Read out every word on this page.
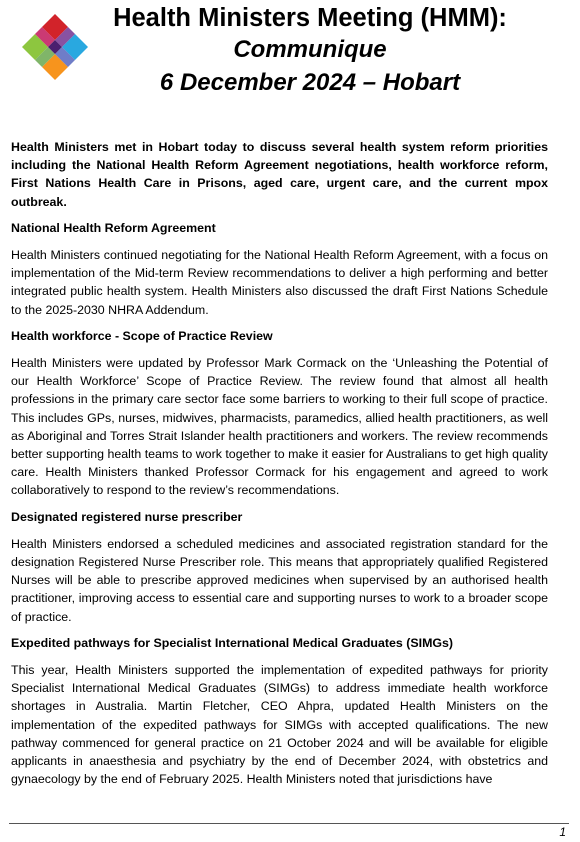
Health Ministers Meeting (HMM):
Communique
6 December 2024 – Hobart

Health Ministers met in Hobart today to discuss several health system reform priorities including the National Health Reform Agreement negotiations, health workforce reform, First Nations Health Care in Prisons, aged care, urgent care, and the current mpox outbreak.

National Health Reform Agreement

Health Ministers continued negotiating for the National Health Reform Agreement, with a focus on implementation of the Mid-term Review recommendations to deliver a high performing and better integrated public health system. Health Ministers also discussed the draft First Nations Schedule to the 2025-2030 NHRA Addendum.

Health workforce - Scope of Practice Review

Health Ministers were updated by Professor Mark Cormack on the ‘Unleashing the Potential of our Health Workforce’ Scope of Practice Review. The review found that almost all health professions in the primary care sector face some barriers to working to their full scope of practice. This includes GPs, nurses, midwives, pharmacists, paramedics, allied health practitioners, as well as Aboriginal and Torres Strait Islander health practitioners and workers. The review recommends better supporting health teams to work together to make it easier for Australians to get high quality care. Health Ministers thanked Professor Cormack for his engagement and agreed to work collaboratively to respond to the review’s recommendations.

Designated registered nurse prescriber

Health Ministers endorsed a scheduled medicines and associated registration standard for the designation Registered Nurse Prescriber role. This means that appropriately qualified Registered Nurses will be able to prescribe approved medicines when supervised by an authorised health practitioner, improving access to essential care and supporting nurses to work to a broader scope of practice.

Expedited pathways for Specialist International Medical Graduates (SIMGs)

This year, Health Ministers supported the implementation of expedited pathways for priority Specialist International Medical Graduates (SIMGs) to address immediate health workforce shortages in Australia. Martin Fletcher, CEO Ahpra, updated Health Ministers on the implementation of the expedited pathways for SIMGs with accepted qualifications. The new pathway commenced for general practice on 21 October 2024 and will be available for eligible applicants in anaesthesia and psychiatry by the end of December 2024, with obstetrics and gynaecology by the end of February 2025. Health Ministers noted that jurisdictions have

1
